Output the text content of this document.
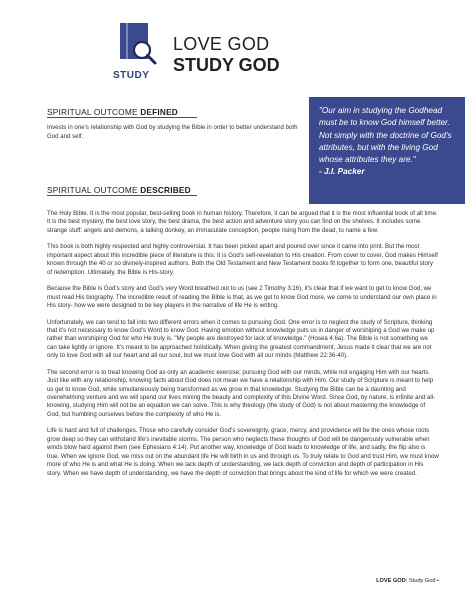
STUDY
LOVE GOD
STUDY GOD
SPIRITUAL OUTCOME DEFINED
Invests in one's relationship with God by studying the Bible in order to better understand both God and self.
"Our aim in studying the Godhead must be to know God himself better. Not simply with the doctrine of God's attributes, but with the living God whose attributes they are."
- J.I. Packer
SPIRITUAL OUTCOME DESCRIBED

The Holy Bible. It is the most popular, best-selling book in human history. Therefore, it can be argued that it is the most influential book of all time. It is the best mystery, the best love story, the best drama, the best action and adventure story you can find on the shelves. It includes some strange stuff: angels and demons, a talking donkey, an immaculate conception, people rising from the dead, to name a few.

This book is both highly respected and highly controversial. It has been picked apart and poured over since it came into print. But the most important aspect about this incredible piece of literature is this: It is God's self-revelation to His creation. From cover to cover, God makes Himself known through the 40 or so divinely-inspired authors. Both the Old Testament and New Testament books fit together to form one, beautiful story of redemption. Ultimately, the Bible is His-story.

Because the Bible is God's story and God's very Word breathed out to us (see 2 Timothy 3:16), it's clear that if we want to get to know God, we must read His biography. The incredible result of reading the Bible is that, as we get to know God more, we come to understand our own place in His story- how we were designed to be key players in the narrative of life He is writing.

Unfortunately, we can tend to fall into two different errors when it comes to pursuing God. One error is to neglect the study of Scripture, thinking that it's not necessary to know God's Word to know God. Having emotion without knowledge puts us in danger of worshiping a God we make up rather than worshiping God for who He truly is. "My people are destroyed for lack of knowledge." (Hosea 4:6a). The Bible is not something we can take lightly or ignore. It's meant to be approached holistically. When giving the greatest commandment, Jesus made it clear that we are not only to love God with all our heart and all our soul, but we must love God with all our minds (Matthew 22:36-40).

The second error is to treat knowing God as only an academic exercise; pursuing God with our minds, while not engaging Him with our hearts. Just like with any relationship, knowing facts about God does not mean we have a relationship with Him. Our study of Scripture is meant to help us get to know God, while simultaneously being transformed as we grow in that knowledge. Studying the Bible can be a daunting and overwhelming venture and we will spend our lives mining the beauty and complexity of this Divine Word. Since God, by nature, is infinite and all-knowing, studying Him will not be an equation we can solve. This is why theology (the study of God) is not about mastering the knowledge of God, but humbling ourselves before the complexity of who He is.

Life is hard and full of challenges. Those who carefully consider God's sovereignty, grace, mercy, and providence will be the ones whose roots grow deep so they can withstand life's inevitable storms. The person who neglects these thoughts of God will be dangerously vulnerable when winds blow hard against them (see Ephesians 4:14). Put another way, knowledge of God leads to knowledge of life, and sadly, the flip also is true. When we ignore God, we miss out on the abundant life He will birth in us and through us. To truly relate to God and trust Him, we must know more of who He is and what He is doing. When we lack depth of understanding, we lack depth of conviction and depth of participation in His story. When we have depth of understanding, we have the depth of conviction that brings about the kind of life for which we were created.

LOVE GOD: Study God •
